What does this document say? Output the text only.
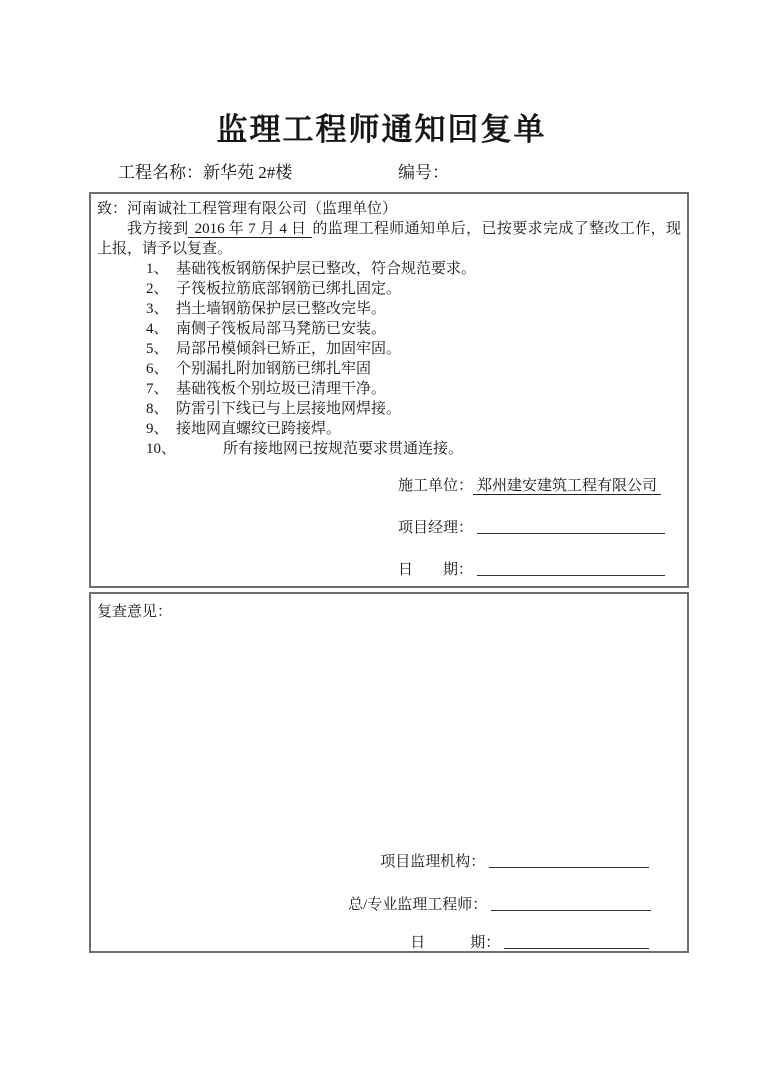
监理工程师通知回复单
工程名称：新华苑 2#楼	编号：
致：河南诚社工程管理有限公司（监理单位）

我方接到 2016 年 7 月 4 日 的监理工程师通知单后，已按要求完成了整改工作，现上报，请予以复查。

1、 基础筏板钢筋保护层已整改，符合规范要求。
2、 子筏板拉筋底部钢筋已绑扎固定。
3、 挡土墙钢筋保护层已整改完毕。
4、 南侧子筏板局部马凳筋已安装。
5、 局部吊模倾斜已矫正，加固牢固。
6、 个别漏扎附加钢筋已绑扎牢固
7、 基础筏板个别垃圾已清理干净。
8、 防雷引下线已与上层接地网焊接。
9、 接地网直螺纹已跨接焊。
10、	所有接地网已按规范要求贯通连接。
施工单位： 郑州建安建筑工程有限公司
项目经理：
日　　期：
复查意见：
项目监理机构：
总/专业监理工程师：
日　　　期：
